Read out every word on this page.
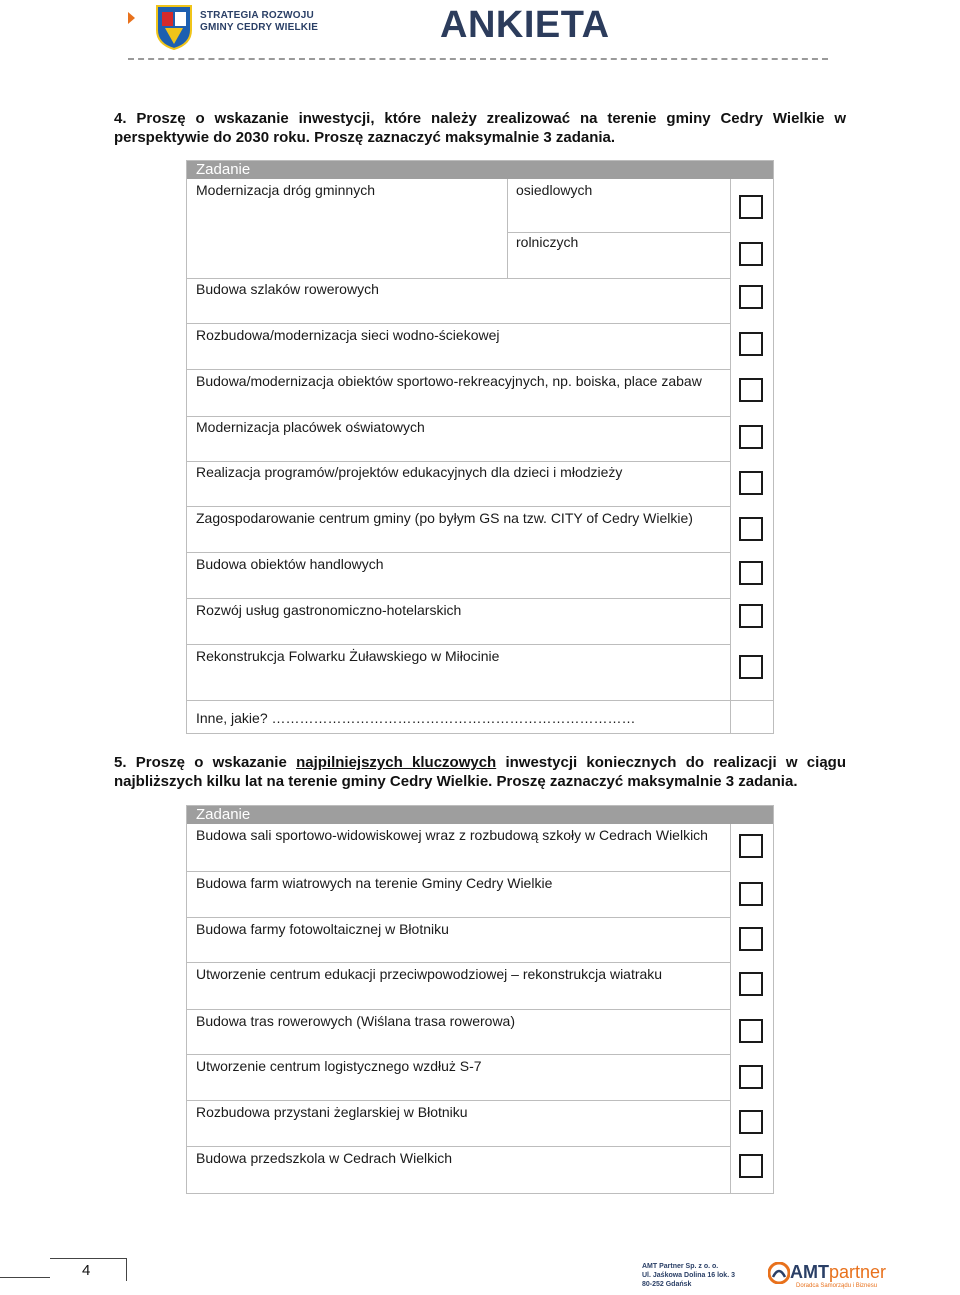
STRATEGIA ROZWOJU
GMINY CEDRY WIELKIE	ANKIETA
4. Proszę o wskazanie inwestycji, które należy zrealizować na terenie gminy Cedry Wielkie w perspektywie do 2030 roku. Proszę zaznaczyć maksymalnie 3 zadania.
Zadanie
Modernizacja dróg gminnych	osiedlowych
rolniczych
Budowa szlaków rowerowych
Rozbudowa/modernizacja sieci wodno-ściekowej
Budowa/modernizacja obiektów sportowo-rekreacyjnych, np. boiska, place zabaw
Modernizacja placówek oświatowych
Realizacja programów/projektów edukacyjnych dla dzieci i młodzieży
Zagospodarowanie centrum gminy (po byłym GS na tzw. CITY of Cedry Wielkie)
Budowa obiektów handlowych
Rozwój usług gastronomiczno-hotelarskich
Rekonstrukcja Folwarku Żuławskiego w Miłocinie
Inne, jakie? ……………………………………………………………………
5. Proszę o wskazanie najpilniejszych kluczowych inwestycji koniecznych do realizacji w ciągu najbliższych kilku lat na terenie gminy Cedry Wielkie. Proszę zaznaczyć maksymalnie 3 zadania.
Zadanie
Budowa sali sportowo-widowiskowej wraz z rozbudową szkoły w Cedrach Wielkich
Budowa farm wiatrowych na terenie Gminy Cedry Wielkie
Budowa farmy fotowoltaicznej w Błotniku
Utworzenie centrum edukacji przeciwpowodziowej – rekonstrukcja wiatraku
Budowa tras rowerowych (Wiślana trasa rowerowa)
Utworzenie centrum logistycznego wzdłuż S-7
Rozbudowa przystani żeglarskiej w Błotniku
Budowa przedszkola w Cedrach Wielkich
4	AMT Partner Sp. z o. o.
Ul. Jaśkowa Dolina 16 lok. 3
80-252 Gdańsk
AMTpartner
Doradca Samorządu i Biznesu
